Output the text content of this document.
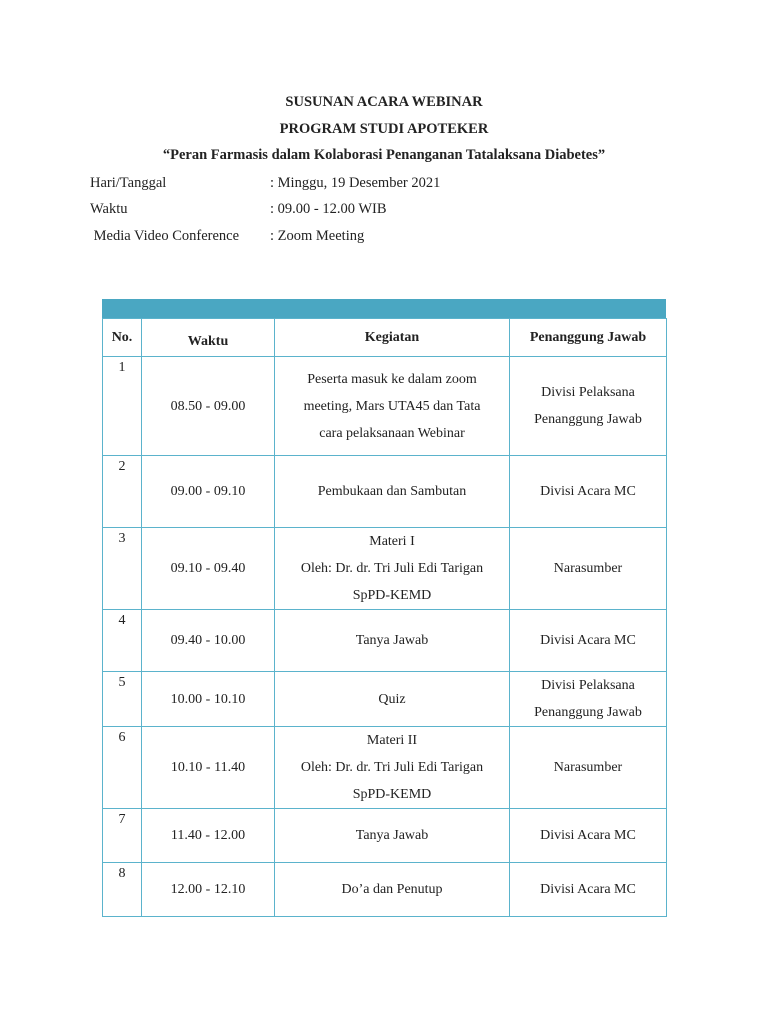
SUSUNAN ACARA WEBINAR
PROGRAM STUDI APOTEKER
“Peran Farmasis dalam Kolaborasi Penanganan Tatalaksana Diabetes”
Hari/Tanggal	: Minggu, 19 Desember 2021
Waktu	: 09.00 - 12.00 WIB
Media Video Conference : Zoom Meeting
No.	Waktu	Kegiatan	Penanggung Jawab

1	08.50 - 09.00	Peserta masuk ke dalam zoom
meeting, Mars UTA45 dan Tata
cara pelaksanaan Webinar	Divisi Pelaksana
Penanggung Jawab

2	09.00 - 09.10	Pembukaan dan Sambutan	Divisi Acara MC

3	09.10 - 09.40	Materi I
Oleh: Dr. dr. Tri Juli Edi Tarigan
SpPD-KEMD	Narasumber

4	09.40 - 10.00	Tanya Jawab	Divisi Acara MC

5	10.00 - 10.10	Quiz	Divisi Pelaksana
Penanggung Jawab

6	10.10 - 11.40	Materi II
Oleh: Dr. dr. Tri Juli Edi Tarigan
SpPD-KEMD	Narasumber

7	11.40 - 12.00	Tanya Jawab	Divisi Acara MC

8	12.00 - 12.10	Do’a dan Penutup	Divisi Acara MC
